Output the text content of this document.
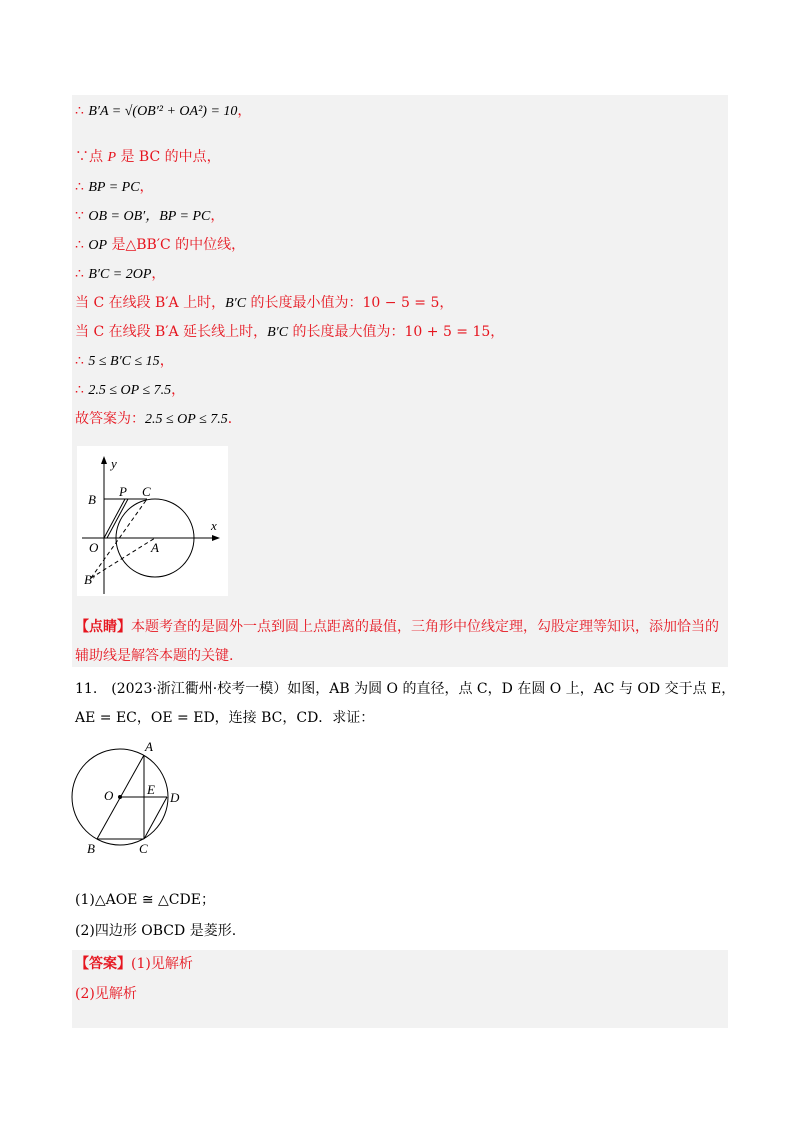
∴ B′A = √(OB′² + OA²) = 10，
∵点 P 是 BC 的中点，
∴ BP = PC，
∵ OB = OB′，BP = PC，
∴ OP 是△BB′C 的中位线，
∴ B′C = 2OP，
当 C 在线段 B′A 上时，B′C 的长度最小值为：10 − 5 = 5，
当 C 在线段 B′A 延长线上时，B′C 的长度最大值为：10 + 5 = 15，
∴ 5 ≤ B′C ≤ 15，
∴ 2.5 ≤ OP ≤ 7.5，
故答案为：2.5 ≤ OP ≤ 7.5．
y
x
B
P C
O	A
B′
【点睛】本题考查的是圆外一点到圆上点距离的最值，三角形中位线定理，勾股定理等知识，添加恰当的
辅助线是解答本题的关键.
11.　(2023·浙江衢州·校考一模）如图，AB 为圆 O 的直径，点 C，D 在圆 O 上，AC 与 OD 交于点 E，
AE = EC，OE = ED，连接 BC，CD．求证：
A
O	E
D
B	C
(1)△AOE ≅ △CDE；
(2)四边形 OBCD 是菱形.
【答案】(1)见解析
(2)见解析
